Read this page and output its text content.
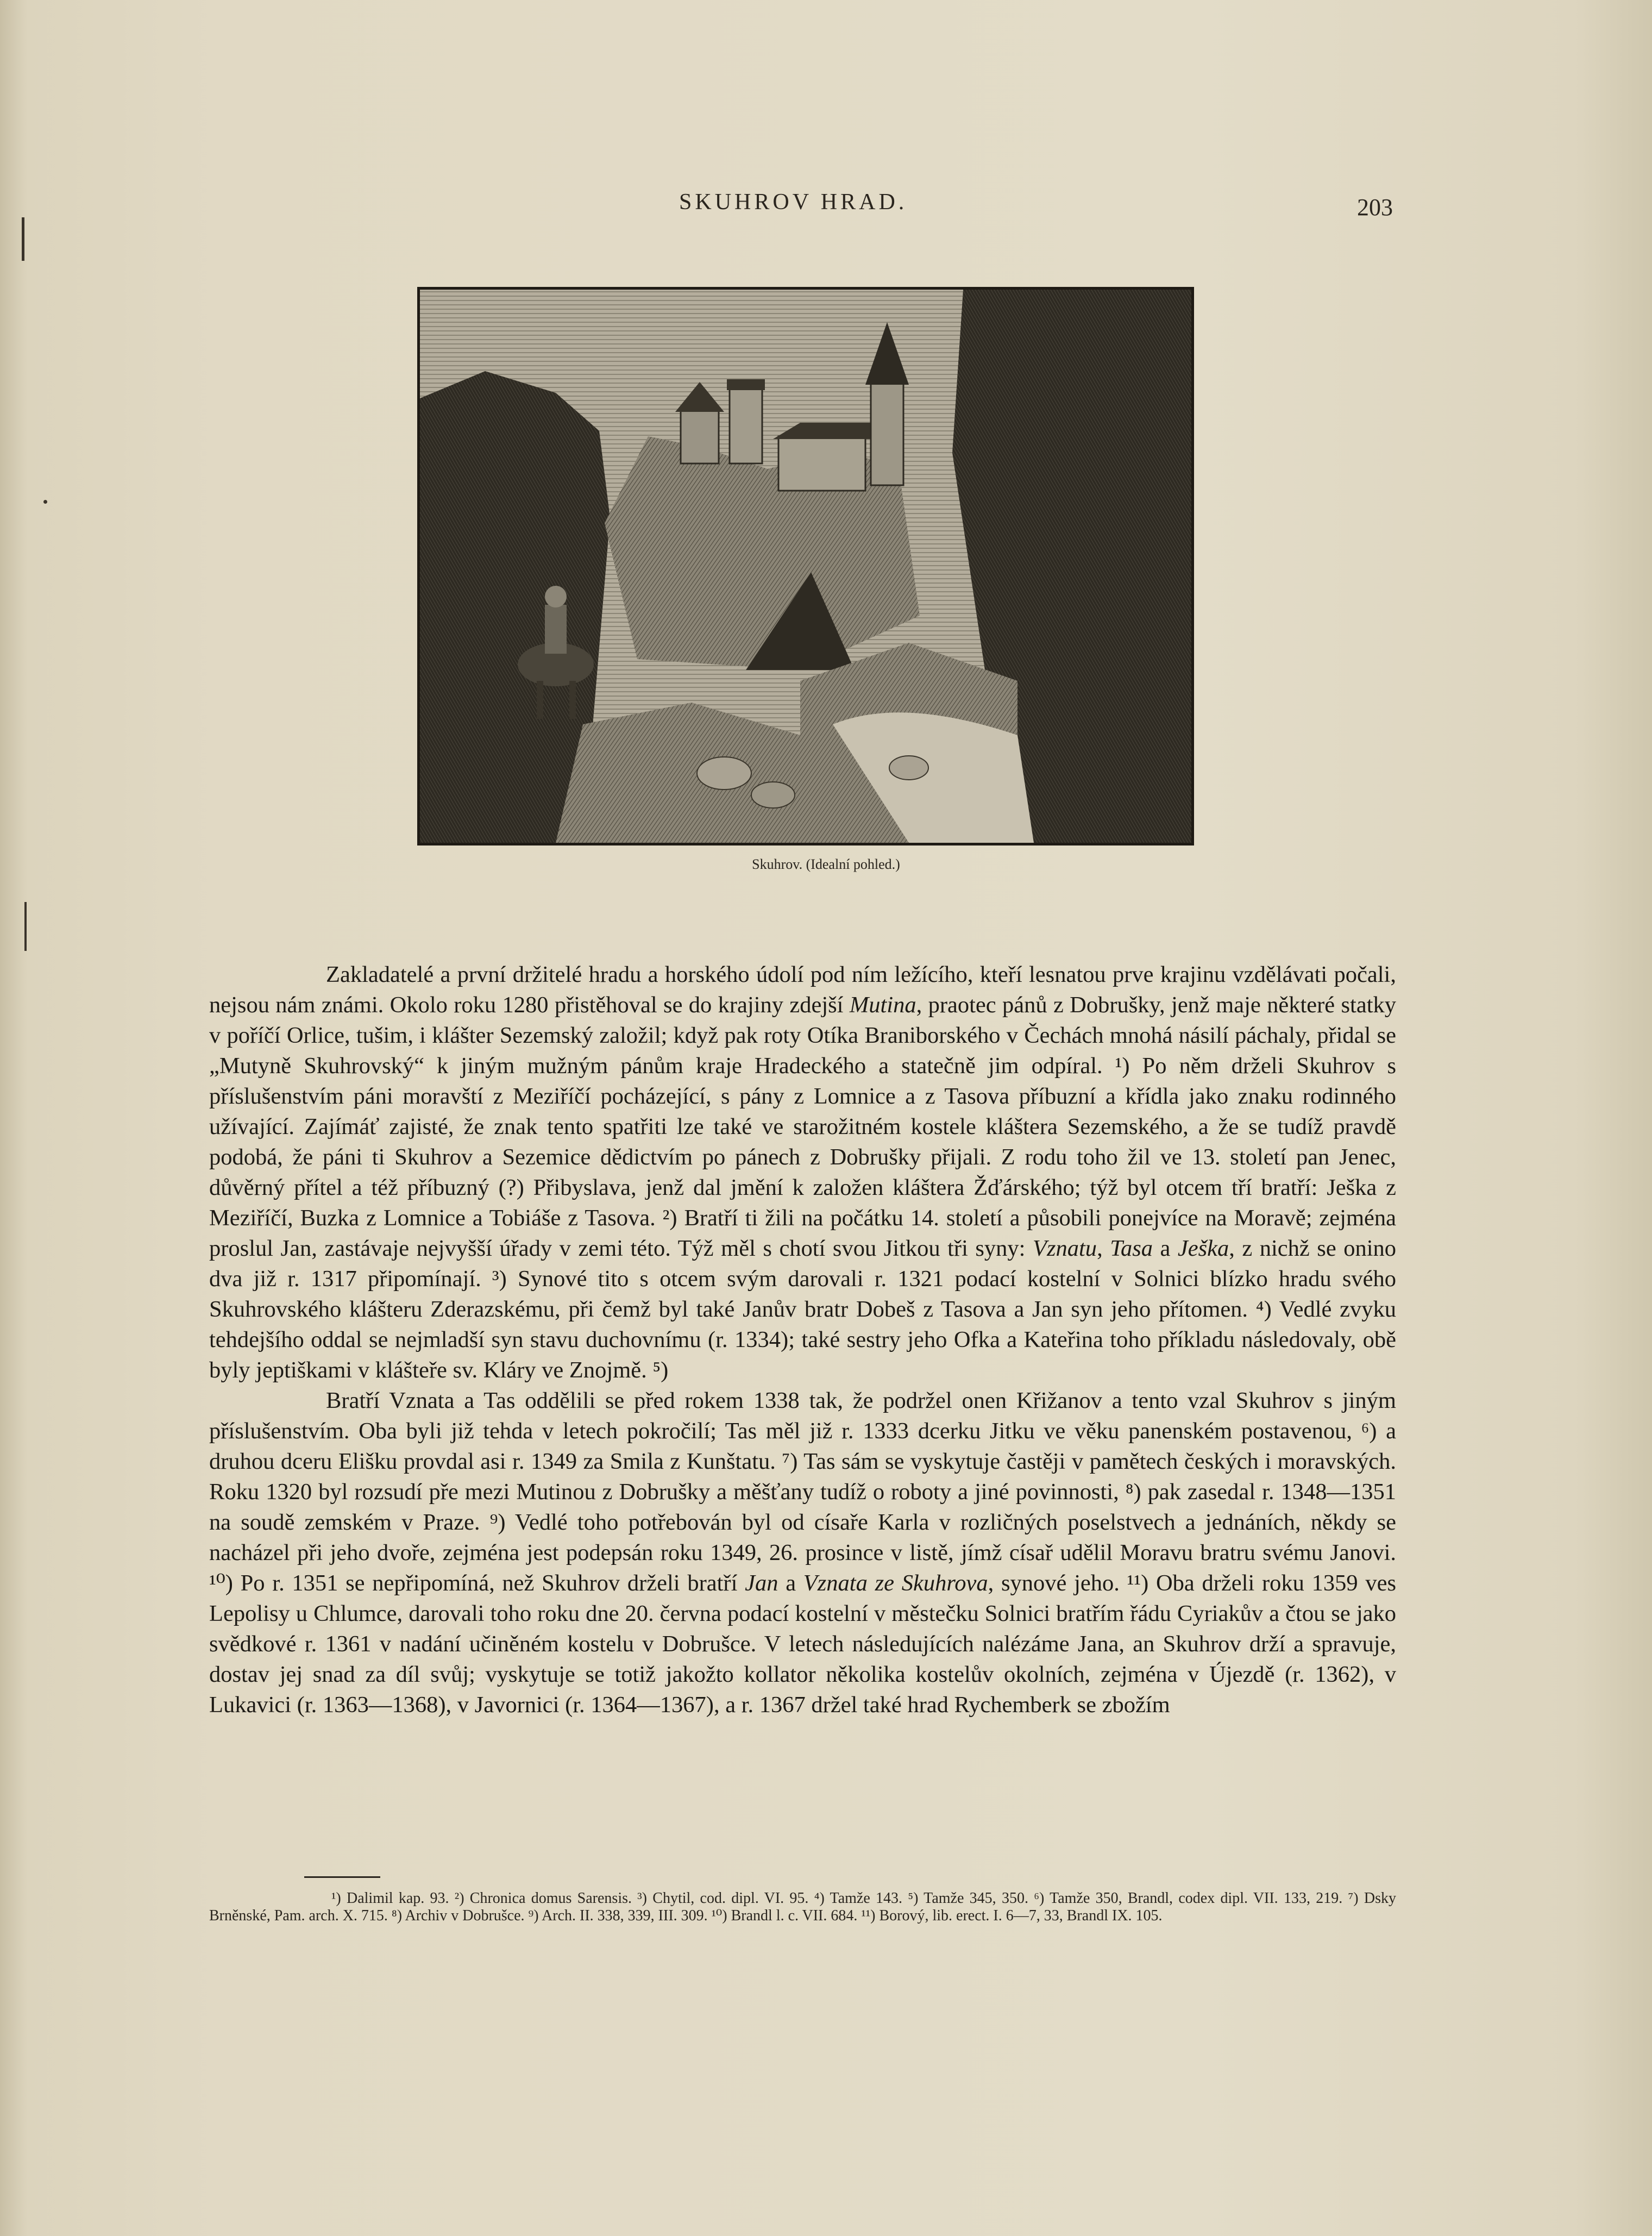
SKUHROV HRAD.	203
Skuhrov. (Idealní pohled.)

Zakladatelé a první držitelé hradu a horského údolí pod ním ležícího, kteří lesnatou prve krajinu vzdělávati počali, nejsou nám známi. Okolo roku 1280 přistěhoval se do krajiny zdejší Mutina, praotec pánů z Dobrušky, jenž maje některé statky v poříčí Orlice, tušim, i klášter Sezemský založil; když pak roty Otíka Braniborského v Čechách mnohá násilí páchaly, přidal se „Mutyně Skuhrovský“ k jiným mužným pánům kraje Hradeckého a statečně jim odpíral. ¹) Po něm drželi Skuhrov s příslušenstvím páni moravští z Meziříčí pocházející, s pány z Lomnice a z Tasova příbuzní a křídla jako znaku rodinného užívající. Zajímáť zajisté, že znak tento spatřiti lze také ve starožitném kostele kláštera Sezemského, a že se tudíž pravdě podobá, že páni ti Skuhrov a Sezemice dědictvím po pánech z Dobrušky přijali. Z rodu toho žil ve 13. století pan Jenec, důvěrný přítel a též příbuzný (?) Přibyslava, jenž dal jmění k založen kláštera Žďárského; týž byl otcem tří bratří: Ješka z Meziříčí, Buzka z Lomnice a Tobiáše z Tasova. ²) Bratří ti žili na počátku 14. století a působili ponejvíce na Moravě; zejména proslul Jan, zastávaje nejvyšší úřady v zemi této. Týž měl s chotí svou Jitkou tři syny: Vznatu, Tasa a Ješka, z nichž se onino dva již r. 1317 připomínají. ³) Synové tito s otcem svým darovali r. 1321 podací kostelní v Solnici blízko hradu svého Skuhrovského klášteru Zderazskému, při čemž byl také Janův bratr Dobeš z Tasova a Jan syn jeho přítomen. ⁴) Vedlé zvyku tehdejšího oddal se nejmladší syn stavu duchovnímu (r. 1334); také sestry jeho Ofka a Kateřina toho příkladu následovaly, obě byly jeptiškami v klášteře sv. Kláry ve Znojmě. ⁵)

Bratří Vznata a Tas oddělili se před rokem 1338 tak, že podržel onen Křižanov a tento vzal Skuhrov s jiným příslušenstvím. Oba byli již tehda v letech pokročilí; Tas měl již r. 1333 dcerku Jitku ve věku panenském postavenou, ⁶) a druhou dceru Elišku provdal asi r. 1349 za Smila z Kunštatu. ⁷) Tas sám se vyskytuje častěji v pamětech českých i moravských. Roku 1320 byl rozsudí pře mezi Mutinou z Dobrušky a měšťany tudíž o roboty a jiné povinnosti, ⁸) pak zasedal r. 1348—1351 na soudě zemském v Praze. ⁹) Vedlé toho potřebován byl od císaře Karla v rozličných poselstvech a jednáních, někdy se nacházel při jeho dvoře, zejména jest podepsán roku 1349, 26. prosince v listě, jímž císař udělil Moravu bratru svému Janovi. ¹⁰) Po r. 1351 se nepřipomíná, než Skuhrov drželi bratří Jan a Vznata ze Skuhrova, synové jeho. ¹¹) Oba drželi roku 1359 ves Lepolisy u Chlumce, darovali toho roku dne 20. června podací kostelní v městečku Solnici bratřím řádu Cyriakův a čtou se jako svědkové r. 1361 v nadání učiněném kostelu v Dobrušce. V letech následujících nalézáme Jana, an Skuhrov drží a spravuje, dostav jej snad za díl svůj; vyskytuje se totiž jakožto kollator několika kostelův okolních, zejména v Újezdě (r. 1362), v Lukavici (r. 1363—1368), v Javornici (r. 1364—1367), a r. 1367 držel také hrad Rychemberk se zbožím

¹) Dalimil kap. 93. ²) Chronica domus Sarensis. ³) Chytil, cod. dipl. VI. 95. ⁴) Tamže 143. ⁵) Tamže 345, 350. ⁶) Tamže 350, Brandl, codex dipl. VII. 133, 219. ⁷) Dsky Brněnské, Pam. arch. X. 715. ⁸) Archiv v Dobrušce. ⁹) Arch. II. 338, 339, III. 309. ¹⁰) Brandl l. c. VII. 684. ¹¹) Borový, lib. erect. I. 6—7, 33, Brandl IX. 105.
